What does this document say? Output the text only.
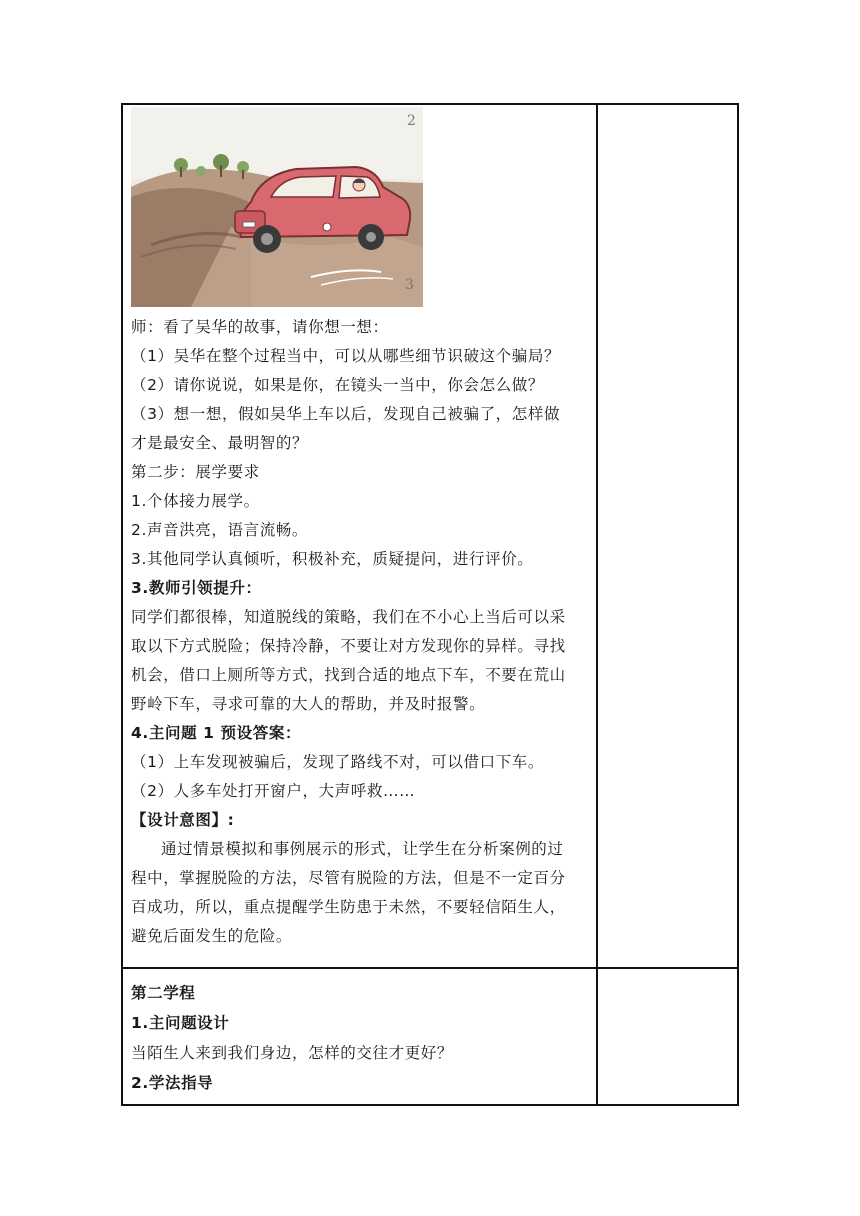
2
3
师：看了吴华的故事，请你想一想：
（1）吴华在整个过程当中，可以从哪些细节识破这个骗局？
（2）请你说说，如果是你，在镜头一当中，你会怎么做？
（3）想一想，假如吴华上车以后，发现自己被骗了，怎样做
才是最安全、最明智的？
第二步：展学要求
1.个体接力展学。
2.声音洪亮，语言流畅。
3.其他同学认真倾听，积极补充，质疑提问，进行评价。
3.教师引领提升：
同学们都很棒，知道脱线的策略，我们在不小心上当后可以采
取以下方式脱险；保持冷静，不要让对方发现你的异样。寻找
机会，借口上厕所等方式，找到合适的地点下车，不要在荒山
野岭下车，寻求可靠的大人的帮助，并及时报警。
4.主问题 1 预设答案：
（1）上车发现被骗后，发现了路线不对，可以借口下车。
（2）人多车处打开窗户，大声呼救……
【设计意图】:
通过情景模拟和事例展示的形式，让学生在分析案例的过
程中，掌握脱险的方法，尽管有脱险的方法，但是不一定百分
百成功，所以，重点提醒学生防患于未然，不要轻信陌生人，
避免后面发生的危险。
第二学程
1.主问题设计
当陌生人来到我们身边，怎样的交往才更好？
2.学法指导
